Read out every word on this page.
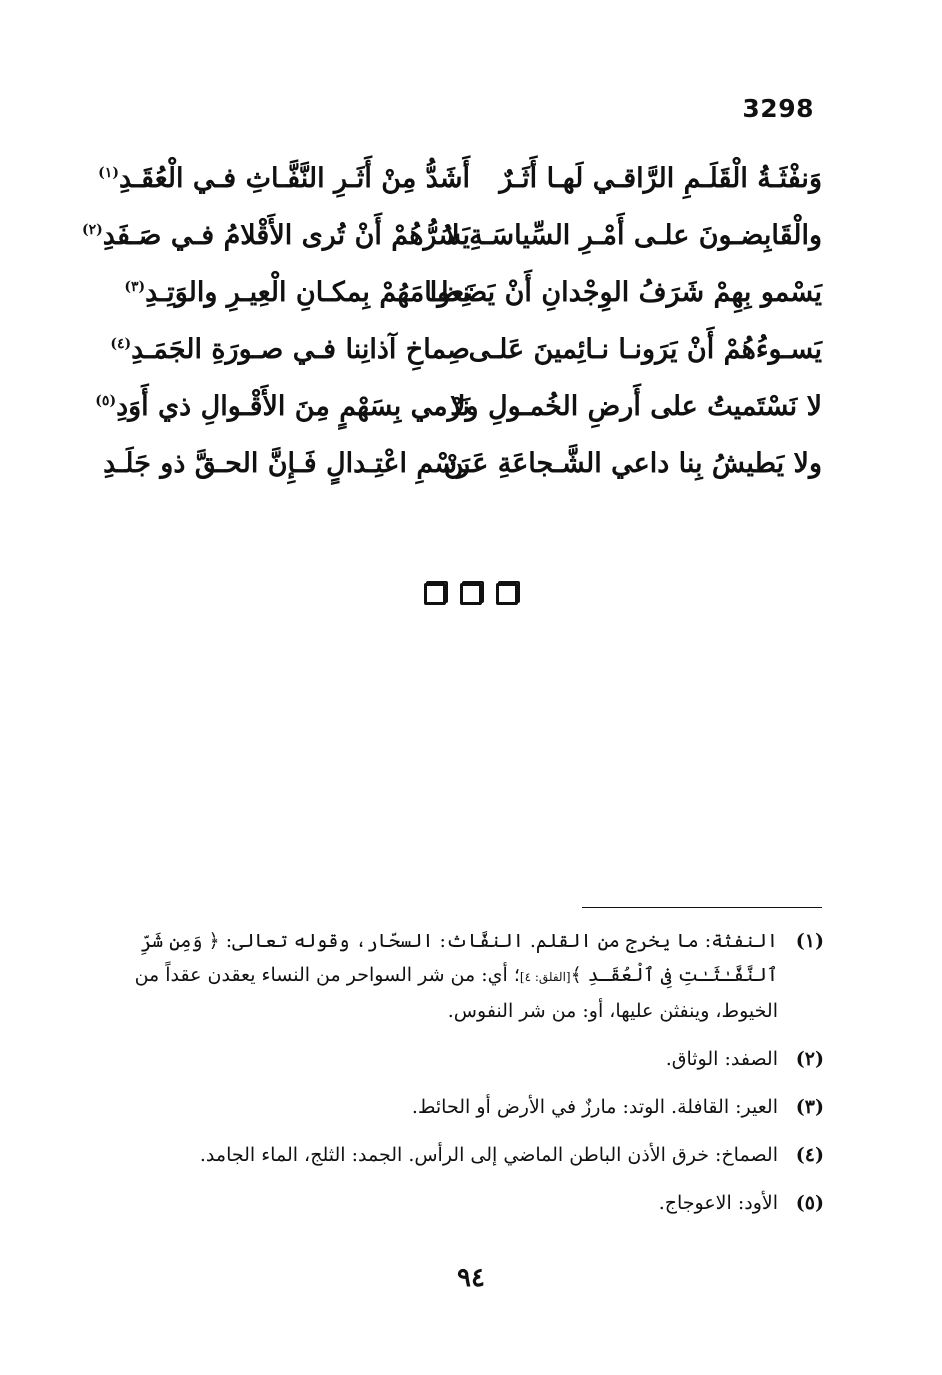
3298
وَنفْثَـةُ الْقَلَـمِ الرَّاقـي لَهـا أَثَـرٌ
أَشَدُّ مِنْ أَثَـرِ النَّفَّـاثِ فـي الْعُقَـدِ$^{(١)}$
والْقَابِضـونَ علـى أَمْـرِ السِّياسَـةِ لا
يَسُرُّهُمْ أَنْ تُرى الأَقْلامُ فـي صَـفَدِ$^{(٢)}$
يَسْمو بِهِمْ شَرَفُ الوِجْدانِ أَنْ يَضَعوا
نِظـامَهُمْ بِمكـانِ الْعِيـرِ والوَتِـدِ$^{(٣)}$
يَسـوءُهُمْ أَنْ يَرَونـا نـائِمينَ عَلـى
صِماخِ آذانِنا فـي صـورَةِ الجَمَـدِ$^{(٤)}$
لا نَسْتَميتُ على أَرضِ الخُمـولِ ولا
نَرْمي بِسَهْمٍ مِنَ الأَقْـوالِ ذي أَوَدِ$^{(٥)}$
ولا يَطيشُ بِنا داعي الشَّـجاعَةِ عَـنْ
رَسْمِ اعْتِـدالٍ فَـإِنَّ الحـقَّ ذو جَلَـدِ
(١)
النفثة: ما يخرج من القلم. النفَّاث: السحّار، وقوله تعالى: ﴿ وَمِن شَرِّ ٱلنَّفَّـٰثَـٰتِ فِى ٱلْعُقَـدِ ﴾[الفلق: ٤]؛ أي: من شر السواحر من النساء يعقدن عقداً من الخيوط، وينفثن عليها، أو: من شر النفوس.
(٢)
الصفد: الوثاق.
(٣)
العير: القافلة. الوتد: مارزٌ في الأرض أو الحائط.
(٤)
الصماخ: خرق الأذن الباطن الماضي إلى الرأس. الجمد: الثلج، الماء الجامد.
(٥)
الأود: الاعوجاج.
٩٤
